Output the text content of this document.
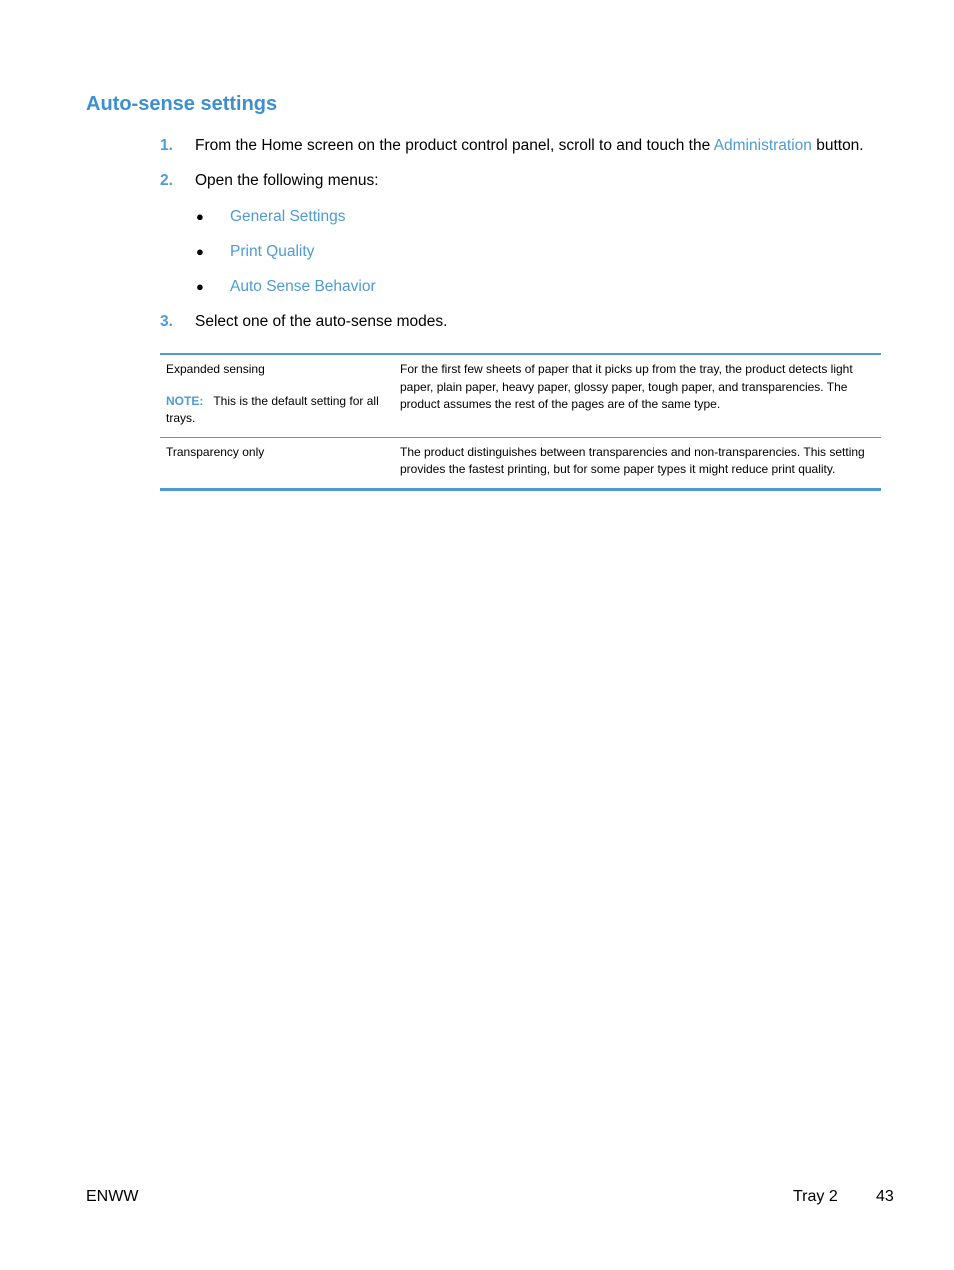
Auto-sense settings
1. From the Home screen on the product control panel, scroll to and touch the Administration button.
2. Open the following menus:
● General Settings
● Print Quality
● Auto Sense Behavior
3. Select one of the auto-sense modes.
Expanded sensing
NOTE: This is the default setting for all trays.
For the first few sheets of paper that it picks up from the tray, the product detects light paper, plain paper, heavy paper, glossy paper, tough paper, and transparencies. The product assumes the rest of the pages are of the same type.
Transparency only	The product distinguishes between transparencies and non-transparencies. This setting provides the fastest printing, but for some paper types it might reduce print quality.
ENWW	Tray 2 43
